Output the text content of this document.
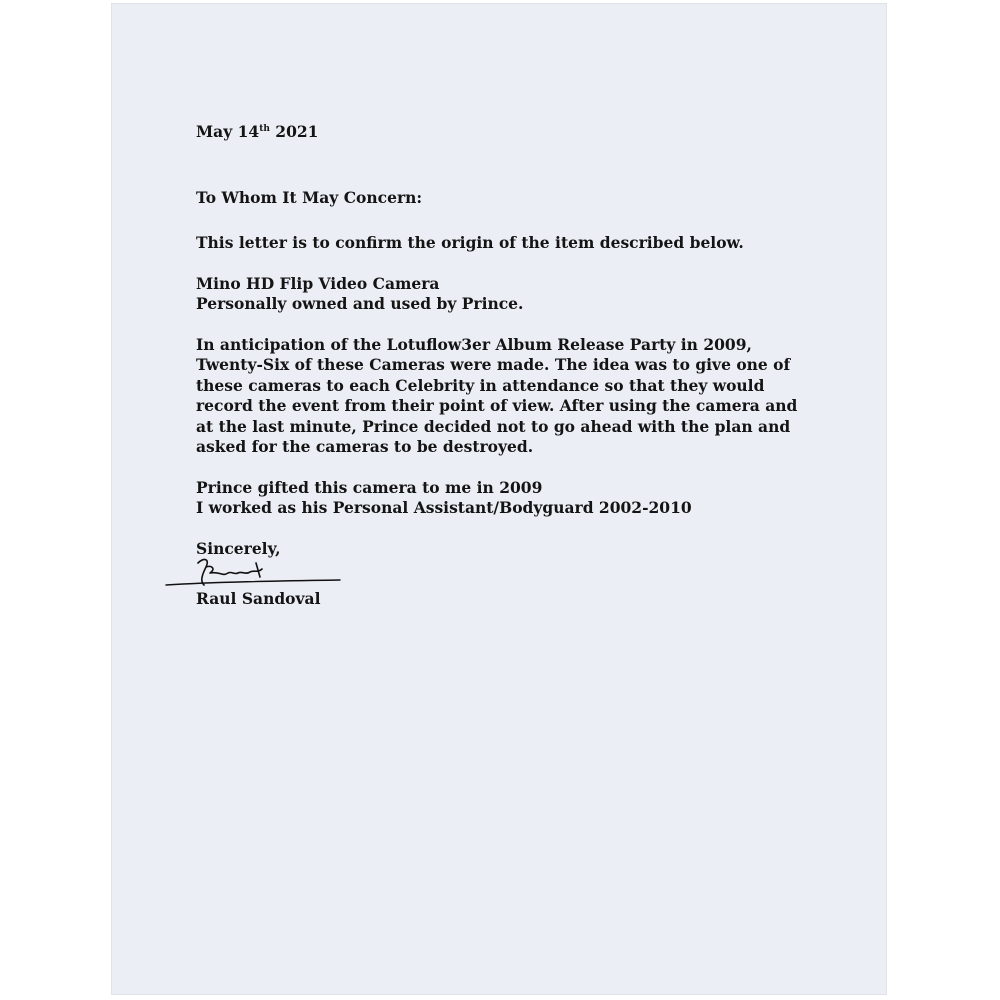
May 14th 2021

To Whom It May Concern:

This letter is to confirm the origin of the item described below.

Mino HD Flip Video Camera

Personally owned and used by Prince.

In anticipation of the Lotuflow3er Album Release Party in 2009,

Twenty-Six of these Cameras were made. The idea was to give one of

these cameras to each Celebrity in attendance so that they would

record the event from their point of view. After using the camera and

at the last minute, Prince decided not to go ahead with the plan and

asked for the cameras to be destroyed.

Prince gifted this camera to me in 2009

I worked as his Personal Assistant/Bodyguard 2002-2010

Sincerely,

Raul Sandoval
